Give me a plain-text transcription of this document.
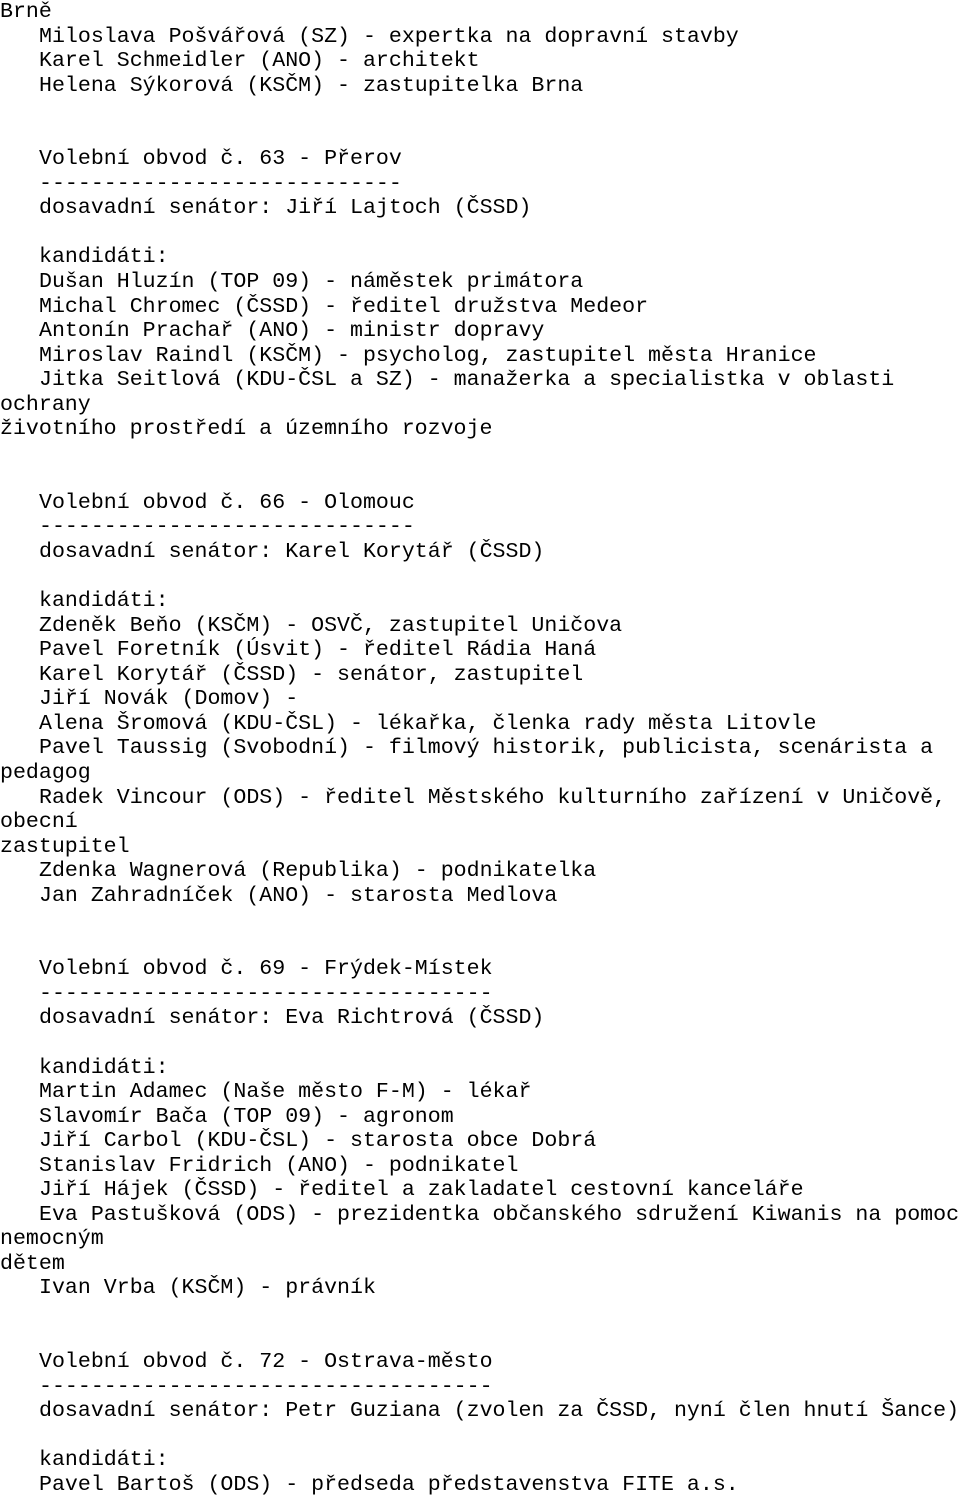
Brně
Miloslava Pošvářová (SZ) - expertka na dopravní stavby
Karel Schmeidler (ANO) - architekt
Helena Sýkorová (KSČM) - zastupitelka Brna
Volební obvod č. 63 - Přerov
----------------------------
dosavadní senátor: Jiří Lajtoch (ČSSD)
kandidáti:
Dušan Hluzín (TOP 09) - náměstek primátora
Michal Chromec (ČSSD) - ředitel družstva Medeor
Antonín Prachař (ANO) - ministr dopravy
Miroslav Raindl (KSČM) - psycholog, zastupitel města Hranice
Jitka Seitlová (KDU-ČSL a SZ) - manažerka a specialistka v oblasti
ochrany
životního prostředí a územního rozvoje
Volební obvod č. 66 - Olomouc
-----------------------------
dosavadní senátor: Karel Korytář (ČSSD)
kandidáti:
Zdeněk Beňo (KSČM) - OSVČ, zastupitel Uničova
Pavel Foretník (Úsvit) - ředitel Rádia Haná
Karel Korytář (ČSSD) - senátor, zastupitel
Jiří Novák (Domov) -
Alena Šromová (KDU-ČSL) - lékařka, členka rady města Litovle
Pavel Taussig (Svobodní) - filmový historik, publicista, scenárista a
pedagog
Radek Vincour (ODS) - ředitel Městského kulturního zařízení v Uničově,
obecní
zastupitel
Zdenka Wagnerová (Republika) - podnikatelka
Jan Zahradníček (ANO) - starosta Medlova
Volební obvod č. 69 - Frýdek-Místek
-----------------------------------
dosavadní senátor: Eva Richtrová (ČSSD)
kandidáti:
Martin Adamec (Naše město F-M) - lékař
Slavomír Bača (TOP 09) - agronom
Jiří Carbol (KDU-ČSL) - starosta obce Dobrá
Stanislav Fridrich (ANO) - podnikatel
Jiří Hájek (ČSSD) - ředitel a zakladatel cestovní kanceláře
Eva Pastušková (ODS) - prezidentka občanského sdružení Kiwanis na pomoc
nemocným
dětem
Ivan Vrba (KSČM) - právník
Volební obvod č. 72 - Ostrava-město
-----------------------------------
dosavadní senátor: Petr Guziana (zvolen za ČSSD, nyní člen hnutí Šance)
kandidáti:
Pavel Bartoš (ODS) - předseda představenstva FITE a.s.
